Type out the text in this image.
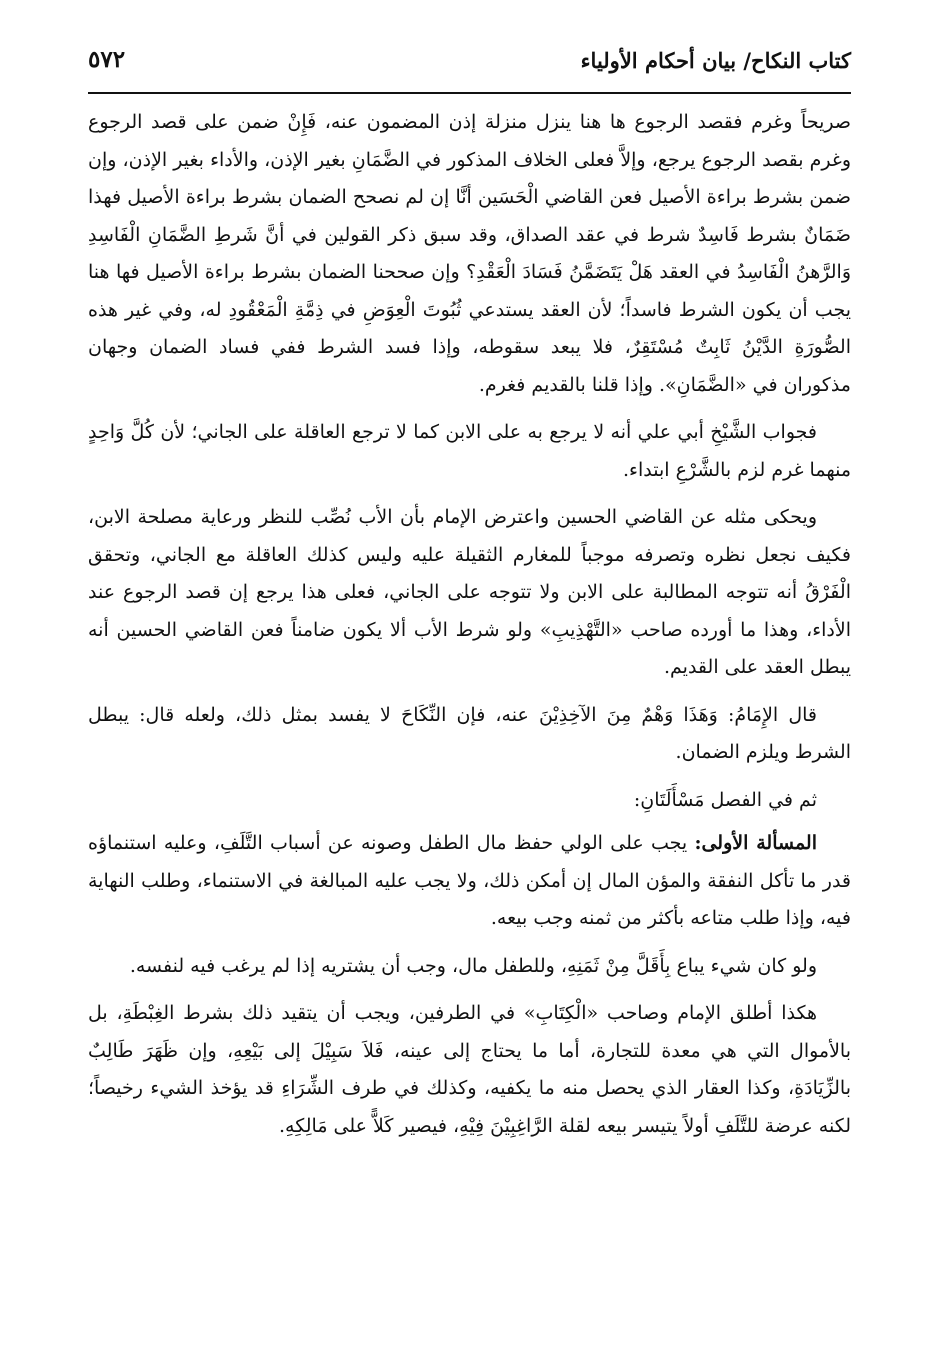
كتاب النكاح/ بيان أحكام الأولياء
٥٧٢

صريحاً وغرم فقصد الرجوع ها هنا ينزل منزلة إذن المضمون عنه، فَإِنْ ضمن على قصد الرجوع وغرم بقصد الرجوع يرجع، وإلاَّ فعلى الخلاف المذكور في الضَّمَانِ بغير الإذن، والأداء بغير الإذن، وإن ضمن بشرط براءة الأصيل فعن القاضي الْحَسَين أنَّا إن لم نصحح الضمان بشرط براءة الأصيل فهذا ضَمَانٌ بشرط فَاسِدٌ شرط في عقد الصداق، وقد سبق ذكر القولين في أنَّ شَرطِ الضَّمَانِ الْفَاسِدِ وَالرَّهنُ الْفَاسِدُ في العقد هَلْ يَتَضَمَّنُ فَسَادَ الْعَقْدِ؟ وإن صححنا الضمان بشرط براءة الأصيل فها هنا يجب أن يكون الشرط فاسداً؛ لأن العقد يستدعي ثُبُوتَ الْعِوَضِ في ذِمَّةِ الْمَعْقُودِ له، وفي غير هذه الصُّورَةِ الدَّيْنُ ثَابِتٌ مُسْتَقِرٌ، فلا يبعد سقوطه، وإذا فسد الشرط ففي فساد الضمان وجهان مذكوران في «الضَّمَانِ». وإذا قلنا بالقديم فغرم.

فجواب الشَّيْخِ أبي علي أنه لا يرجع به على الابن كما لا ترجع العاقلة على الجاني؛ لأن كُلَّ وَاحِدٍ منهما غرم لزم بالشَّرْعِ ابتداء.

ويحكى مثله عن القاضي الحسين واعترض الإمام بأن الأب نُصِّب للنظر ورعاية مصلحة الابن، فكيف نجعل نظره وتصرفه موجباً للمغارم الثقيلة عليه وليس كذلك العاقلة مع الجاني، وتحقق الْفَرْقُ أنه تتوجه المطالبة على الابن ولا تتوجه على الجاني، فعلى هذا يرجع إن قصد الرجوع عند الأداء، وهذا ما أورده صاحب «التَّهْذِيبِ» ولو شرط الأب ألا يكون ضامناً فعن القاضي الحسين أنه يبطل العقد على القديم.

قال الإِمَامُ: وَهَذَا وَهْمٌ مِنَ الآخِذِيْنَ عنه، فإن النِّكَاحَ لا يفسد بمثل ذلك، ولعله قال: يبطل الشرط ويلزم الضمان.

ثم في الفصل مَسْأَلَتَانِ:

المسألة الأولى: يجب على الولي حفظ مال الطفل وصونه عن أسباب التَّلَفِ، وعليه استنماؤه قدر ما تأكل النفقة والمؤن المال إن أمكن ذلك، ولا يجب عليه المبالغة في الاستنماء، وطلب النهاية فيه، وإذا طلب متاعه بأكثر من ثمنه وجب بيعه.

ولو كان شيء يباع بِأَقَلَّ مِنْ ثَمَنِهِ، وللطفل مال، وجب أن يشتريه إذا لم يرغب فيه لنفسه.

هكذا أطلق الإمام وصاحب «الْكِتَابِ» في الطرفين، ويجب أن يتقيد ذلك بشرط الغِبْطَةِ، بل بالأموال التي هي معدة للتجارة، أما ما يحتاج إلى عينه، فَلاَ سَبِيْلَ إلى بَيْعِهِ، وإن ظَهَرَ طَالِبٌ بالزِّيَادَةِ، وكذا العقار الذي يحصل منه ما يكفيه، وكذلك في طرف الشِّرَاءِ قد يؤخذ الشيء رخيصاً؛ لكنه عرضة للتَّلَفِ أولاً يتيسر بيعه لقلة الرَّاغِبِيْنَ فِيْهِ، فيصير كَلاًّ على مَالِكِهِ.
